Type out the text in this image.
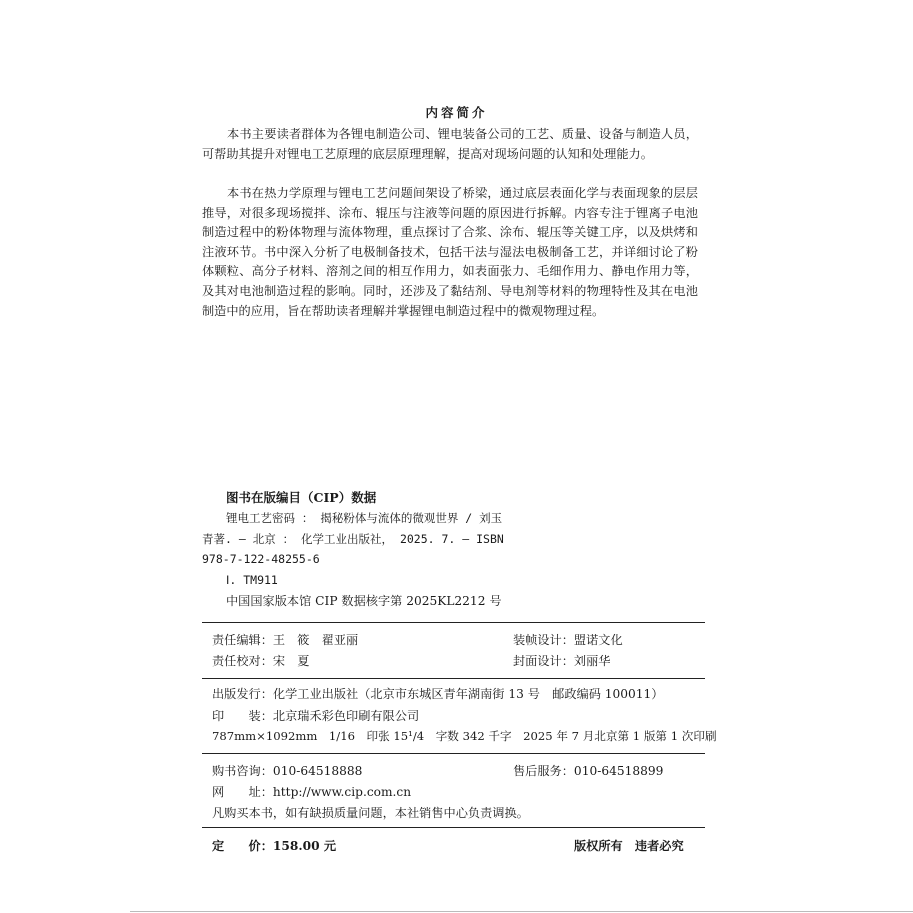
内容简介
本书主要读者群体为各锂电制造公司、锂电装备公司的工艺、质量、设备与制造人员，可帮助其提升对锂电工艺原理的底层原理理解，提高对现场问题的认知和处理能力。
本书在热力学原理与锂电工艺问题间架设了桥梁，通过底层表面化学与表面现象的层层推导，对很多现场搅拌、涂布、辊压与注液等问题的原因进行拆解。内容专注于锂离子电池制造过程中的粉体物理与流体物理，重点探讨了合浆、涂布、辊压等关键工序，以及烘烤和注液环节。书中深入分析了电极制备技术，包括干法与湿法电极制备工艺，并详细讨论了粉体颗粒、高分子材料、溶剂之间的相互作用力，如表面张力、毛细作用力、静电作用力等，及其对电池制造过程的影响。同时，还涉及了黏结剂、导电剂等材料的物理特性及其在电池制造中的应用，旨在帮助读者理解并掌握锂电制造过程中的微观物理过程。
图书在版编目（CIP）数据
锂电工艺密码 ： 揭秘粉体与流体的微观世界 / 刘玉
青著. — 北京 ： 化学工业出版社， 2025. 7. — ISBN
978-7-122-48255-6
Ⅰ. TM911
中国国家版本馆 CIP 数据核字第 2025KL2212 号
责任编辑：王　筱　翟亚丽	装帧设计：盟诺文化
责任校对：宋　夏	封面设计：刘丽华
出版发行：化学工业出版社（北京市东城区青年湖南街 13 号　邮政编码 100011）
印　　装：北京瑞禾彩色印刷有限公司
787mm×1092mm　1/16　印张 15¹/4　字数 342 千字　2025 年 7 月北京第 1 版第 1 次印刷
购书咨询：010-64518888	售后服务：010-64518899
网　　址：http://www.cip.com.cn
凡购买本书，如有缺损质量问题，本社销售中心负责调换。
定　　价：158.00 元	版权所有　违者必究
